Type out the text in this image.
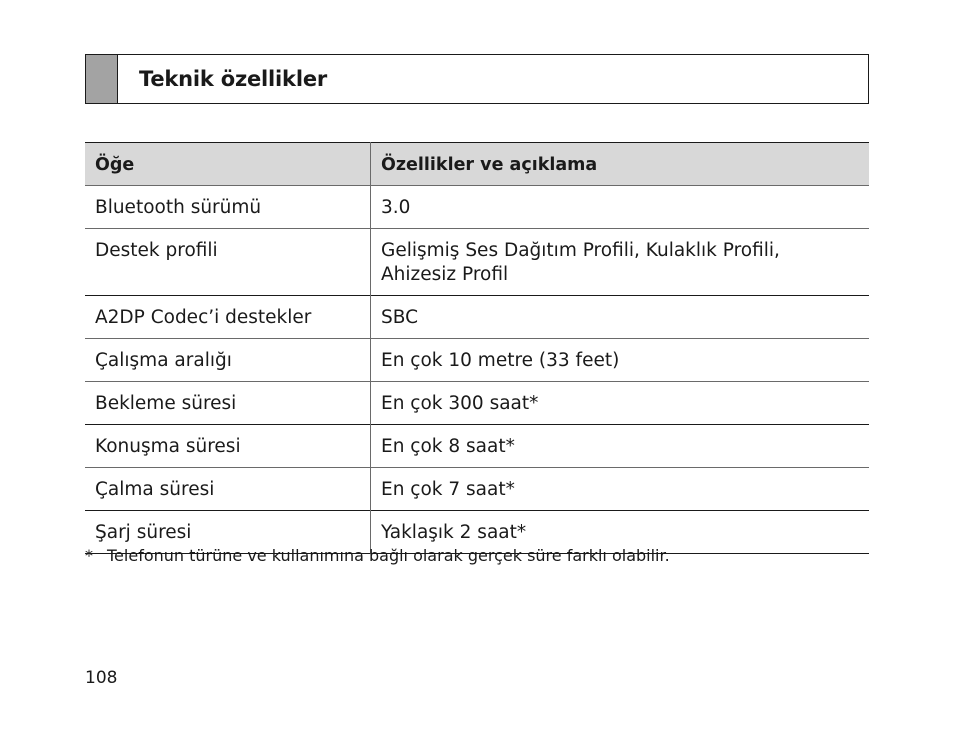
Teknik özellikler
Öğe	Özellikler ve açıklama
Bluetooth sürümü	3.0
Destek profili	Gelişmiş Ses Dağıtım Profili, Kulaklık Profili,
Ahizesiz Profil

A2DP Codec’i destekler	SBC
Çalışma aralığı	En çok 10 metre (33 feet)
Bekleme süresi	En çok 300 saat*
Konuşma süresi	En çok 8 saat*
Çalma süresi	En çok 7 saat*
Şarj süresi	Yaklaşık 2 saat*
* Telefonun türüne ve kullanımına bağlı olarak gerçek süre farklı olabilir.
108
